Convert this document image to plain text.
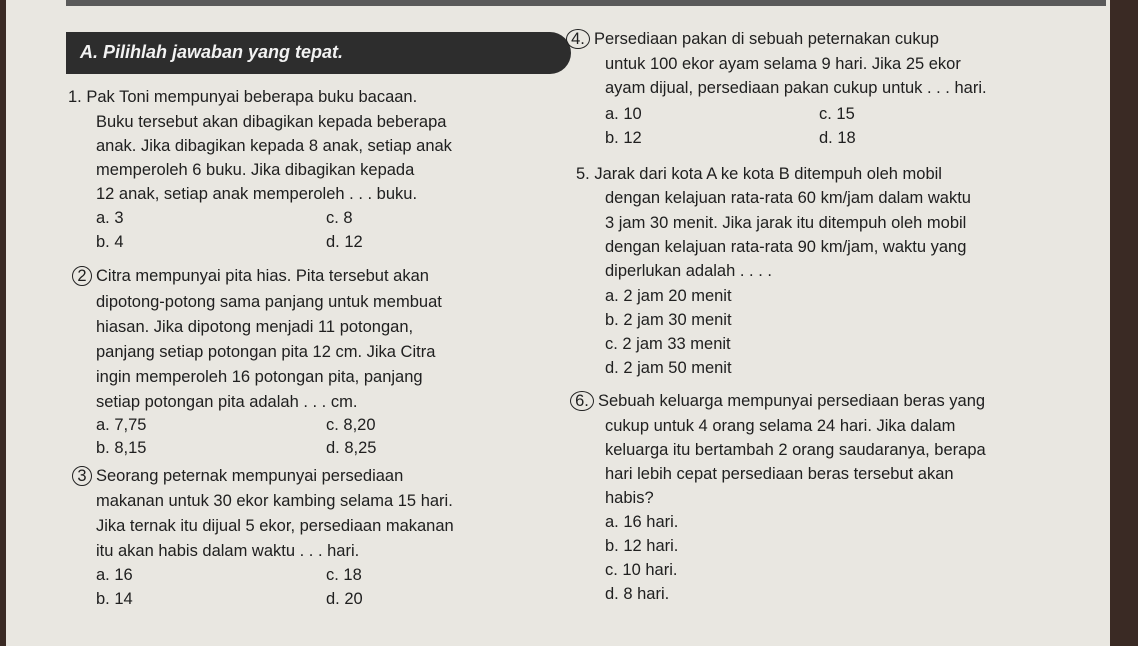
A. Pilihlah jawaban yang tepat.
1. Pak Toni mempunyai beberapa buku bacaan.
Buku tersebut akan dibagikan kepada beberapa
anak. Jika dibagikan kepada 8 anak, setiap anak
memperoleh 6 buku. Jika dibagikan kepada
12 anak, setiap anak memperoleh . . . buku.
a. 3	c. 8
b. 4	d. 12
2 Citra mempunyai pita hias. Pita tersebut akan
dipotong-potong sama panjang untuk membuat
hiasan. Jika dipotong menjadi 11 potongan,
panjang setiap potongan pita 12 cm. Jika Citra
ingin memperoleh 16 potongan pita, panjang
setiap potongan pita adalah . . . cm.
a. 7,75	c. 8,20
b. 8,15	d. 8,25
3 Seorang peternak mempunyai persediaan
makanan untuk 30 ekor kambing selama 15 hari.
Jika ternak itu dijual 5 ekor, persediaan makanan
itu akan habis dalam waktu . . . hari.
a. 16	c. 18
b. 14	d. 20
4. Persediaan pakan di sebuah peternakan cukup
untuk 100 ekor ayam selama 9 hari. Jika 25 ekor
ayam dijual, persediaan pakan cukup untuk . . . hari.
a. 10	c. 15
b. 12	d. 18
5. Jarak dari kota A ke kota B ditempuh oleh mobil
dengan kelajuan rata-rata 60 km/jam dalam waktu
3 jam 30 menit. Jika jarak itu ditempuh oleh mobil
dengan kelajuan rata-rata 90 km/jam, waktu yang
diperlukan adalah . . . .
a. 2 jam 20 menit
b. 2 jam 30 menit
c. 2 jam 33 menit
d. 2 jam 50 menit
6. Sebuah keluarga mempunyai persediaan beras yang
cukup untuk 4 orang selama 24 hari. Jika dalam
keluarga itu bertambah 2 orang saudaranya, berapa
hari lebih cepat persediaan beras tersebut akan
habis?
a. 16 hari.
b. 12 hari.
c. 10 hari.
d. 8 hari.
